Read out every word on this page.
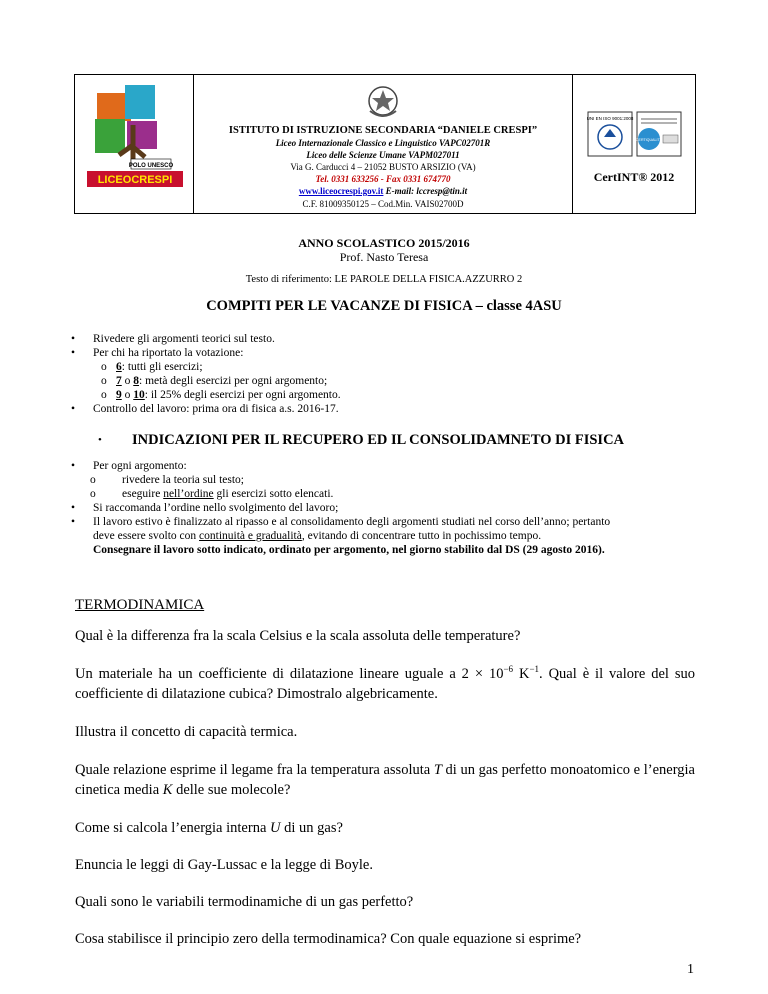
POLO UNESCO
LICEOCRESPI
ISTITUTO DI ISTRUZIONE SECONDARIA “DANIELE CRESPI”
Liceo Internazionale Classico e Linguistico VAPC02701R
Liceo delle Scienze Umane VAPM027011
Via G. Carducci 4 – 21052 BUSTO ARSIZIO (VA)
Tel. 0331 633256 - Fax 0331 674770
www.liceocrespi.gov.it E-mail: lccresp@tin.it
C.F. 81009350125 – Cod.Min. VAIS02700D
UNI EN ISO 9001:2008
CERTIQUALITY
CertINT® 2012
ANNO SCOLASTICO 2015/2016
Prof. Nasto Teresa
Testo di riferimento: LE PAROLE DELLA FISICA.AZZURRO 2
COMPITI PER LE VACANZE DI FISICA – classe 4ASU
• Rivedere gli argomenti teorici sul testo.
• Per chi ha riportato la votazione:
o 6: tutti gli esercizi;
o 7 o 8: metà degli esercizi per ogni argomento;
o 9 o 10: il 25% degli esercizi per ogni argomento.
• Controllo del lavoro: prima ora di fisica a.s. 2016-17.
• INDICAZIONI PER IL RECUPERO ED IL CONSOLIDAMNETO DI FISICA
• Per ogni argomento:
o rivedere la teoria sul testo;
o eseguire nell’ordine gli esercizi sotto elencati.
• Si raccomanda l’ordine nello svolgimento del lavoro;
• Il lavoro estivo è finalizzato al ripasso e al consolidamento degli argomenti studiati nel corso dell’anno; pertanto
deve essere svolto con continuità e gradualità, evitando di concentrare tutto in pochissimo tempo.
Consegnare il lavoro sotto indicato, ordinato per argomento, nel giorno stabilito dal DS (29 agosto 2016).
TERMODINAMICA
Qual è la differenza fra la scala Celsius e la scala assoluta delle temperature?
Un materiale ha un coefficiente di dilatazione lineare uguale a $2 \times 10^{-6}$ $K^{-1}$. Qual è il valore del suo coefficiente di dilatazione cubica? Dimostralo algebricamente.
Illustra il concetto di capacità termica.
Quale relazione esprime il legame fra la temperatura assoluta T di un gas perfetto monoatomico e l’energia cinetica media K delle sue molecole?
Come si calcola l’energia interna U di un gas?
Enuncia le leggi di Gay-Lussac e la legge di Boyle.
Quali sono le variabili termodinamiche di un gas perfetto?
Cosa stabilisce il principio zero della termodinamica? Con quale equazione si esprime?
1
